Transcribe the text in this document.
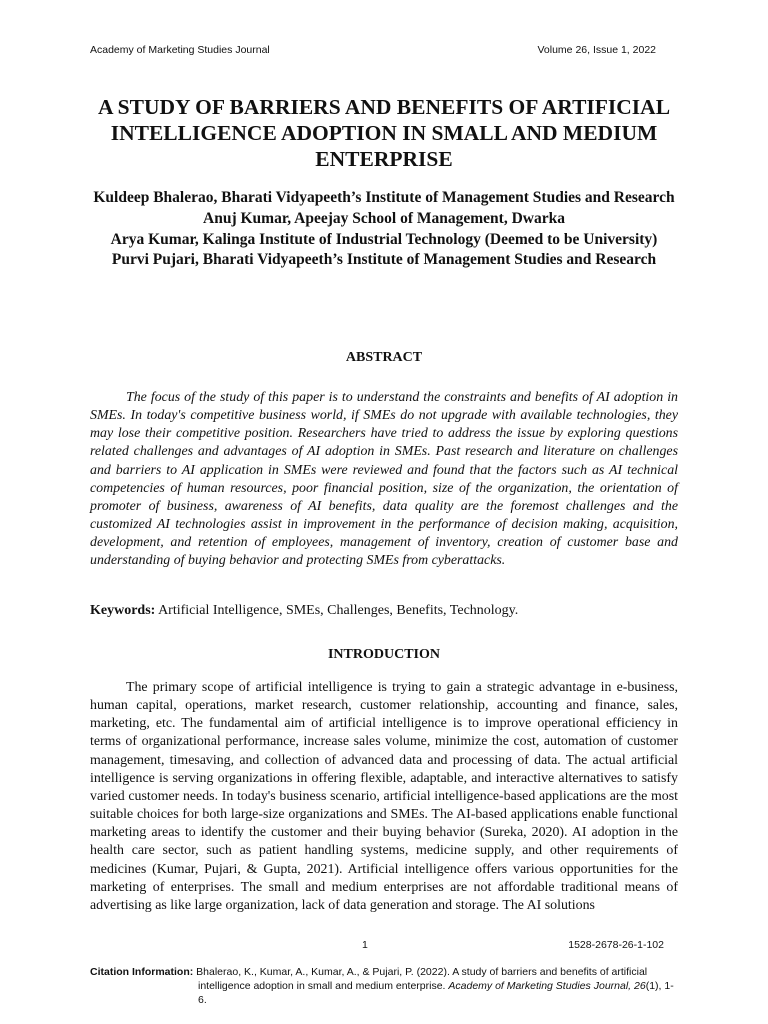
Academy of Marketing Studies Journal	Volume 26, Issue 1, 2022
A STUDY OF BARRIERS AND BENEFITS OF ARTIFICIAL INTELLIGENCE ADOPTION IN SMALL AND MEDIUM ENTERPRISE
Kuldeep Bhalerao, Bharati Vidyapeeth’s Institute of Management Studies and Research
Anuj Kumar, Apeejay School of Management, Dwarka
Arya Kumar, Kalinga Institute of Industrial Technology (Deemed to be University)
Purvi Pujari, Bharati Vidyapeeth’s Institute of Management Studies and Research
ABSTRACT
The focus of the study of this paper is to understand the constraints and benefits of AI adoption in SMEs. In today's competitive business world, if SMEs do not upgrade with available technologies, they may lose their competitive position. Researchers have tried to address the issue by exploring questions related challenges and advantages of AI adoption in SMEs. Past research and literature on challenges and barriers to AI application in SMEs were reviewed and found that the factors such as AI technical competencies of human resources, poor financial position, size of the organization, the orientation of promoter of business, awareness of AI benefits, data quality are the foremost challenges and the customized AI technologies assist in improvement in the performance of decision making, acquisition, development, and retention of employees, management of inventory, creation of customer base and understanding of buying behavior and protecting SMEs from cyberattacks.
Keywords: Artificial Intelligence, SMEs, Challenges, Benefits, Technology.
INTRODUCTION
The primary scope of artificial intelligence is trying to gain a strategic advantage in e-business, human capital, operations, market research, customer relationship, accounting and finance, sales, marketing, etc. The fundamental aim of artificial intelligence is to improve operational efficiency in terms of organizational performance, increase sales volume, minimize the cost, automation of customer management, timesaving, and collection of advanced data and processing of data. The actual artificial intelligence is serving organizations in offering flexible, adaptable, and interactive alternatives to satisfy varied customer needs. In today's business scenario, artificial intelligence-based applications are the most suitable choices for both large-size organizations and SMEs. The AI-based applications enable functional marketing areas to identify the customer and their buying behavior (Sureka, 2020). AI adoption in the health care sector, such as patient handling systems, medicine supply, and other requirements of medicines (Kumar, Pujari, & Gupta, 2021). Artificial intelligence offers various opportunities for the marketing of enterprises. The small and medium enterprises are not affordable traditional means of advertising as like large organization, lack of data generation and storage. The AI solutions
1	1528-2678-26-1-102
Citation Information: Bhalerao, K., Kumar, A., Kumar, A., & Pujari, P. (2022). A study of barriers and benefits of artificial
intelligence adoption in small and medium enterprise. Academy of Marketing Studies Journal, 26(1), 1-6.
